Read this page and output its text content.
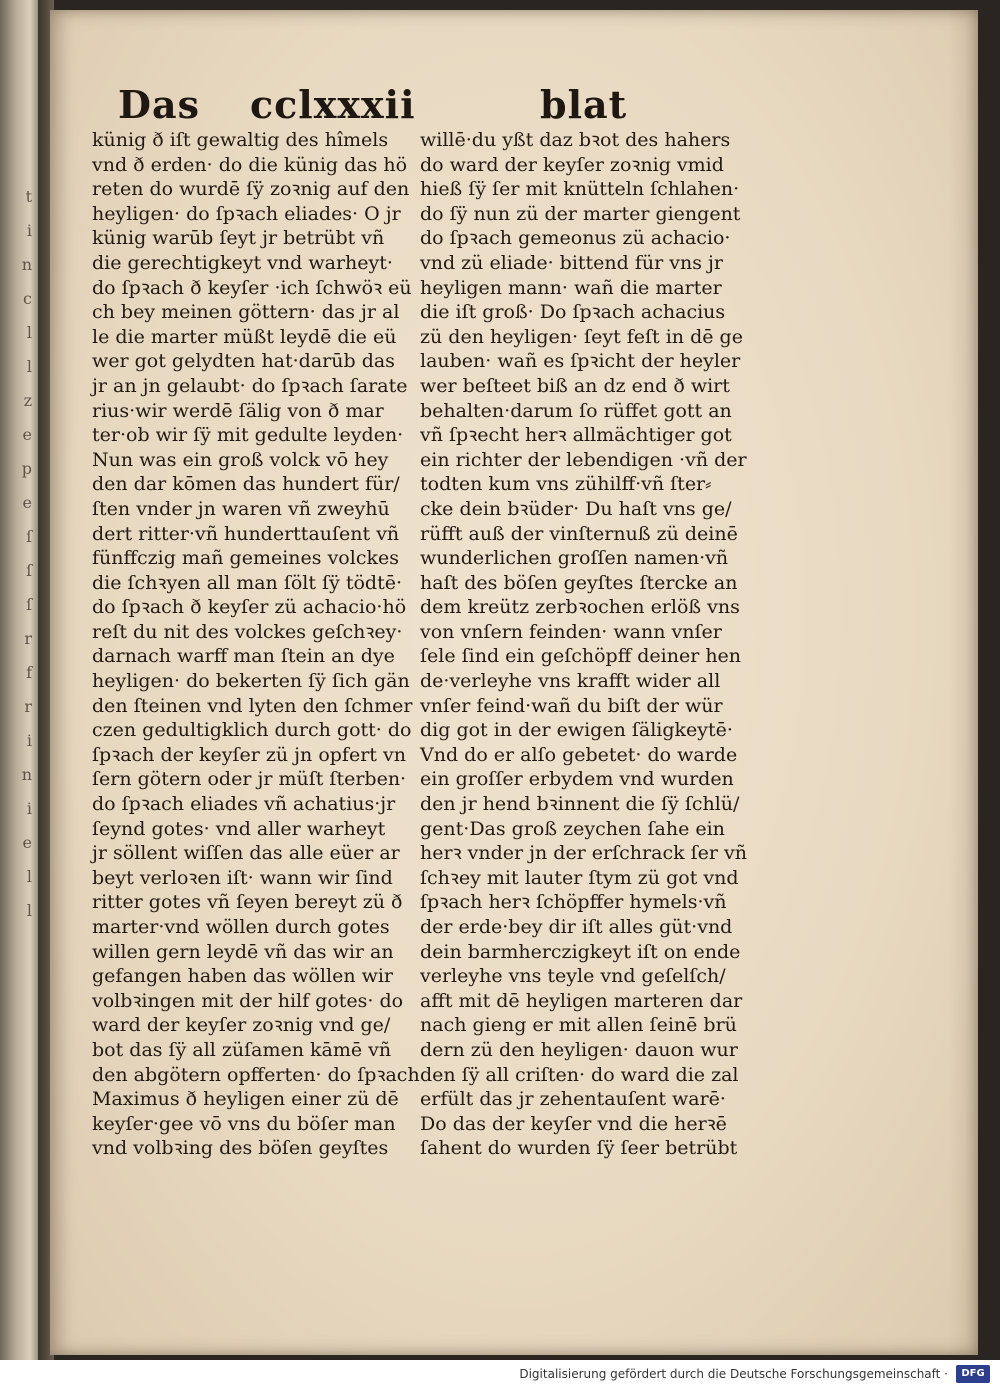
t
i
n
c
l
l
z
e
p
e
ſ
ſ
ſ
r
f
r
i
n
i
e
l
l
Das cclxxxii	blat
künig ð iſt gewaltig des hîmels
vnd ð erden· do die künig das hö
reten do wurdē ſÿ zoꝛnig auf den
heyligen· do ſpꝛach eliades· O jr
künig warūb ſeyt jr betrübt vñ
die gerechtigkeyt vnd warheyt·
do ſpꝛach ð keyſer ·ich ſchwöꝛ eü
ch bey meinen göttern· das jr al
le die marter müßt leydē die eü
wer got gelydten hat·darūb das
jr an jn gelaubt· do ſpꝛach ſarate
rius·wir werdē ſälig von ð mar
ter·ob wir ſÿ mit gedulte leyden·
Nun was ein groß volck vō hey
den dar kōmen das hundert für/
ſten vnder jn waren vñ zweyhū
dert ritter·vñ hunderttauſent vñ
fünffczig mañ gemeines volckes
die ſchꝛyen all man ſölt ſÿ tödtē·
do ſpꝛach ð keyſer zü achacio·hö
reſt du nit des volckes geſchꝛey·
darnach warff man ſtein an dye
heyligen· do bekerten ſÿ ſich gän
den ſteinen vnd lyten den ſchmer
czen gedultigklich durch gott· do
ſpꝛach der keyſer zü jn opfert vn
ſern götern oder jr müſt ſterben·
do ſpꝛach eliades vñ achatius·jr
ſeynd gotes· vnd aller warheyt
jr söllent wiſſen das alle eüer ar
beyt verloꝛen iſt· wann wir ſind
ritter gotes vñ ſeyen bereyt zü ð
marter·vnd wöllen durch gotes
willen gern leydē vñ das wir an
gefangen haben das wöllen wir
volbꝛingen mit der hilf gotes· do
ward der keyſer zoꝛnig vnd ge/
bot das ſÿ all züſamen kāmē vñ
den abgötern opfferten· do ſpꝛach
Maximus ð heyligen einer zü dē
keyſer·gee vō vns du böſer man
vnd volbꝛing des böſen geyſtes
willē·du yßt daz bꝛot des hahers
do ward der keyſer zoꝛnig vmid
hieß ſÿ ſer mit knütteln ſchlahen·
do ſÿ nun zü der marter giengent
do ſpꝛach gemeonus zü achacio·
vnd zü eliade· bittend für vns jr
heyligen mann· wañ die marter
die iſt groß· Do ſpꝛach achacius
zü den heyligen· ſeyt feſt in dē ge
lauben· wañ es ſpꝛicht der heyler
wer beſteet biß an dz end ð wirt
behalten·darum ſo rüffet gott an
vñ ſpꝛecht herꝛ allmächtiger got
ein richter der lebendigen ·vñ der
todten kum vns zühilff·vñ ſter⸗
cke dein bꝛüder· Du haſt vns ge/
rüfft auß der vinſternuß zü deinē
wunderlichen groſſen namen·vñ
haſt des böſen geyſtes ſtercke an
dem kreütz zerbꝛochen erlöß vns
von vnſern feinden· wann vnſer
ſele ſind ein geſchöpff deiner hen
de·verleyhe vns krafft wider all
vnſer feind·wañ du biſt der wür
dig got in der ewigen ſäligkeytē·
Vnd do er alſo gebetet· do warde
ein groſſer erbydem vnd wurden
den jr hend bꝛinnent die ſÿ ſchlü/
gent·Das groß zeychen ſahe ein
herꝛ vnder jn der erſchrack ſer vñ
ſchꝛey mit lauter ſtym zü got vnd
ſpꝛach herꝛ ſchöpffer hymels·vñ
der erde·bey dir iſt alles güt·vnd
dein barmherczigkeyt iſt on ende
verleyhe vns teyle vnd geſelſch/
afft mit dē heyligen marteren dar
nach gieng er mit allen ſeinē brü
dern zü den heyligen· dauon wur
den ſÿ all criſten· do ward die zal
erfült das jr zehentauſent warē·
Do das der keyſer vnd die herꝛē
ſahent do wurden ſÿ ſeer betrübt
Digitalisierung gefördert durch die Deutsche Forschungsgemeinschaft ·	DFG
